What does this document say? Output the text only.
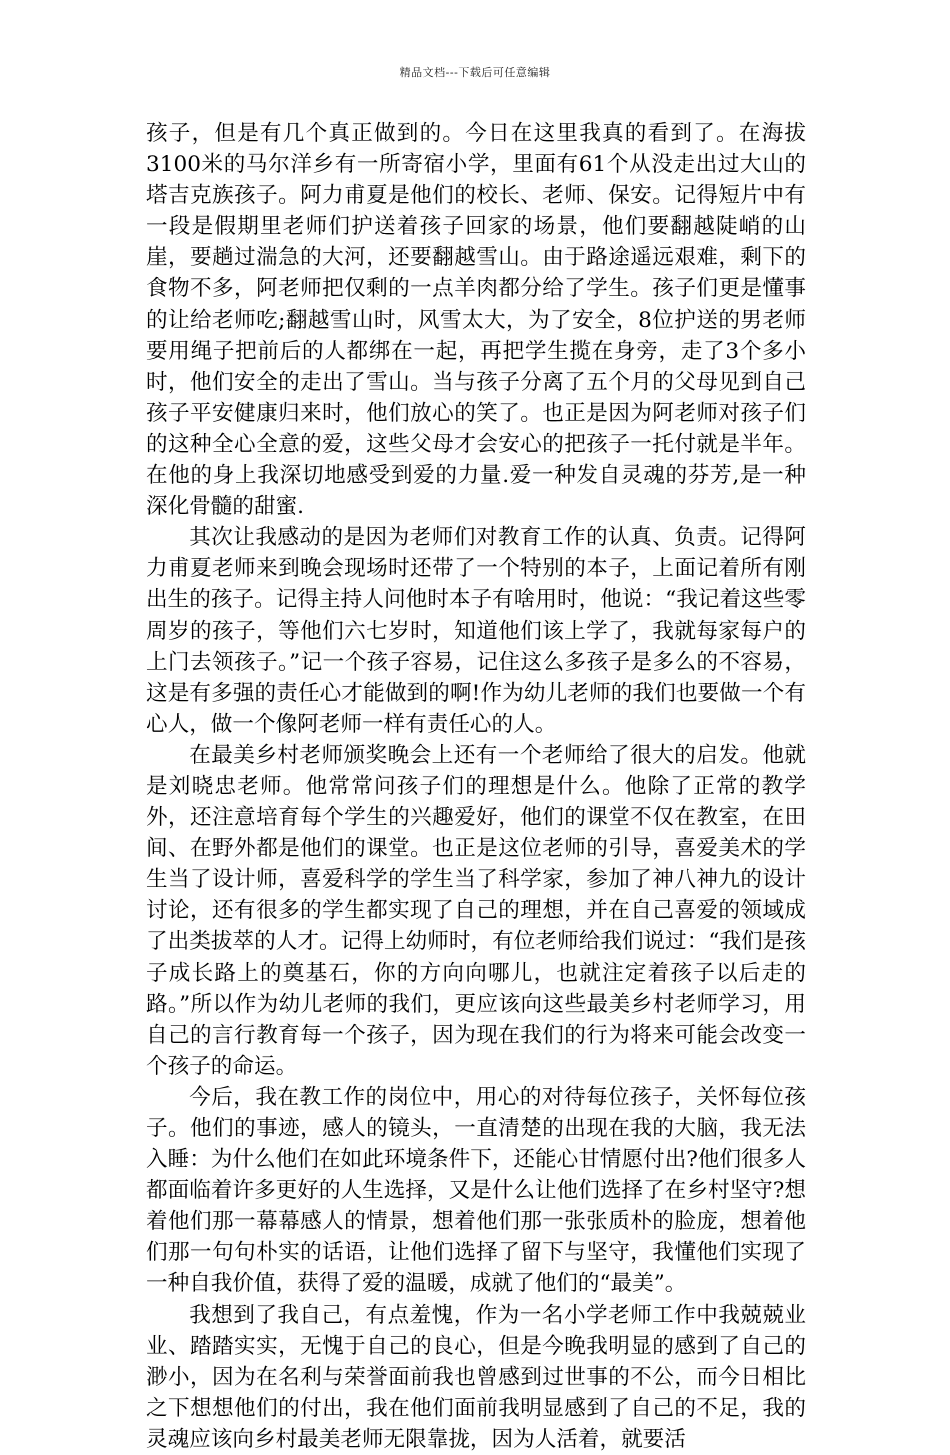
精品文档---下载后可任意编辑

孩子，但是有几个真正做到的。今日在这里我真的看到了。在海拔3100米的马尔洋乡有一所寄宿小学，里面有61个从没走出过大山的塔吉克族孩子。阿力甫夏是他们的校长、老师、保安。记得短片中有一段是假期里老师们护送着孩子回家的场景，他们要翻越陡峭的山崖，要趟过湍急的大河，还要翻越雪山。由于路途遥远艰难，剩下的食物不多，阿老师把仅剩的一点羊肉都分给了学生。孩子们更是懂事的让给老师吃;翻越雪山时，风雪太大，为了安全，8位护送的男老师要用绳子把前后的人都绑在一起，再把学生揽在身旁，走了3个多小时，他们安全的走出了雪山。当与孩子分离了五个月的父母见到自己孩子平安健康归来时，他们放心的笑了。也正是因为阿老师对孩子们的这种全心全意的爱，这些父母才会安心的把孩子一托付就是半年。在他的身上我深切地感受到爱的力量.爱一种发自灵魂的芬芳,是一种深化骨髓的甜蜜.

其次让我感动的是因为老师们对教育工作的认真、负责。记得阿力甫夏老师来到晚会现场时还带了一个特别的本子，上面记着所有刚出生的孩子。记得主持人问他时本子有啥用时，他说：“我记着这些零周岁的孩子，等他们六七岁时，知道他们该上学了，我就每家每户的上门去领孩子。”记一个孩子容易，记住这么多孩子是多么的不容易，这是有多强的责任心才能做到的啊!作为幼儿老师的我们也要做一个有心人，做一个像阿老师一样有责任心的人。

在最美乡村老师颁奖晚会上还有一个老师给了很大的启发。他就是刘晓忠老师。他常常问孩子们的理想是什么。他除了正常的教学外，还注意培育每个学生的兴趣爱好，他们的课堂不仅在教室，在田间、在野外都是他们的课堂。也正是这位老师的引导，喜爱美术的学生当了设计师，喜爱科学的学生当了科学家，参加了神八神九的设计讨论，还有很多的学生都实现了自己的理想，并在自己喜爱的领域成了出类拔萃的人才。记得上幼师时，有位老师给我们说过：“我们是孩子成长路上的奠基石，你的方向向哪儿，也就注定着孩子以后走的路。”所以作为幼儿老师的我们，更应该向这些最美乡村老师学习，用自己的言行教育每一个孩子，因为现在我们的行为将来可能会改变一个孩子的命运。

今后，我在教工作的岗位中，用心的对待每位孩子，关怀每位孩子。他们的事迹，感人的镜头，一直清楚的出现在我的大脑，我无法入睡：为什么他们在如此环境条件下，还能心甘情愿付出?他们很多人都面临着许多更好的人生选择，又是什么让他们选择了在乡村坚守?想着他们那一幕幕感人的情景，想着他们那一张张质朴的脸庞，想着他们那一句句朴实的话语，让他们选择了留下与坚守，我懂他们实现了一种自我价值，获得了爱的温暖，成就了他们的“最美”。

我想到了我自己，有点羞愧，作为一名小学老师工作中我兢兢业业、踏踏实实，无愧于自己的良心，但是今晚我明显的感到了自己的渺小，因为在名利与荣誉面前我也曾感到过世事的不公，而今日相比之下想想他们的付出，我在他们面前我明显感到了自己的不足，我的灵魂应该向乡村最美老师无限靠拢，因为人活着，就要活
